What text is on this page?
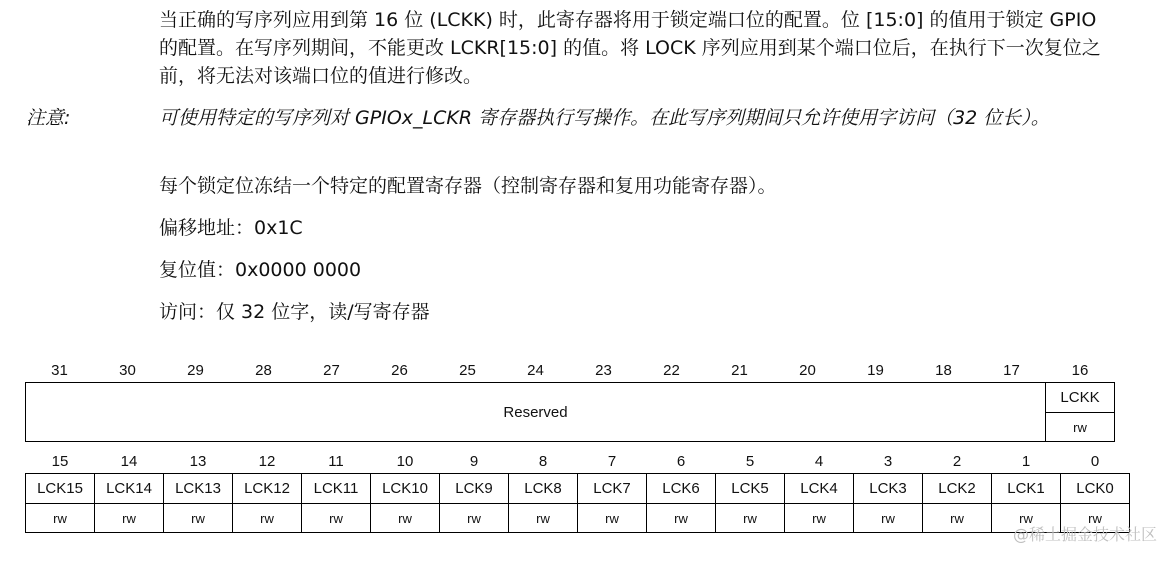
当正确的写序列应用到第 16 位 (LCKK) 时，此寄存器将用于锁定端口位的配置。位 [15:0] 的值用于锁定 GPIO 的配置。在写序列期间，不能更改 LCKR[15:0] 的值。将 LOCK 序列应用到某个端口位后，在执行下一次复位之前，将无法对该端口位的值进行修改。

注意:	可使用特定的写序列对 GPIOx_LCKR 寄存器执行写操作。在此写序列期间只允许使用字访问（32 位长）。
每个锁定位冻结一个特定的配置寄存器（控制寄存器和复用功能寄存器）。
偏移地址：0x1C
复位值：0x0000 0000
访问：仅 32 位字，读/写寄存器
31	30	29	28	27	26	25	24	23	22	21	20	19	18	17	16
Reserved															LCKK
															rw
15	14	13	12	11	10	9	8	7	6	5	4	3	2	1	0
LCK15	LCK14	LCK13	LCK12	LCK11	LCK10	LCK9	LCK8	LCK7	LCK6	LCK5	LCK4	LCK3	LCK2	LCK1	LCK0
rw	rw	rw	rw	rw	rw	rw	rw	rw	rw	rw	rw	rw	rw	rw	rw
@稀土掘金技术社区
